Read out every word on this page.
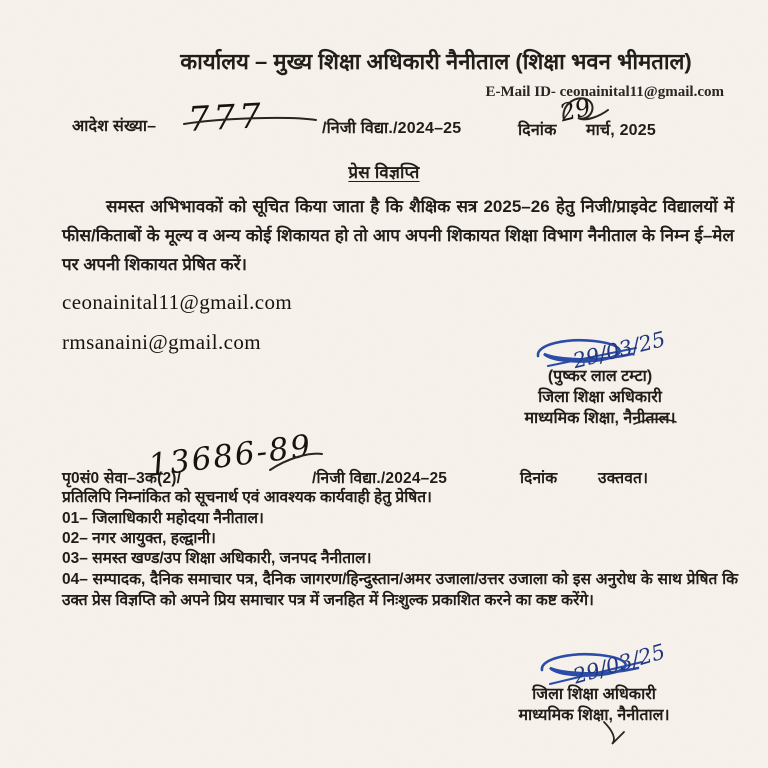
कार्यालय – मुख्य शिक्षा अधिकारी नैनीताल (शिक्षा भवन भीमताल)
E-Mail ID- ceonainital11@gmail.com
आदेश संख्या– 777	/निजी विद्या./2024–25	दिनांक
29
मार्च, 2025
प्रेस विज्ञप्ति
समस्त अभिभावकों को सूचित किया जाता है कि शैक्षिक सत्र 2025–26 हेतु निजी/प्राइवेट विद्यालयों में फीस/किताबों के मूल्य व अन्य कोई शिकायत हो तो आप अपनी शिकायत शिक्षा विभाग नैनीताल के निम्न ई–मेल पर अपनी शिकायत प्रेषित करें।
ceonainital11@gmail.com
rmsanaini@gmail.com	29/03/25
(पुष्कर लाल टम्टा)
जिला शिक्षा अधिकारी
माध्यमिक शिक्षा, नैनीताल।
पृ0सं0 सेवा–3क(2)/
13686-89
/निजी विद्या./2024–25	दिनांक	उक्तवत।
प्रतिलिपि निम्नांकित को सूचनार्थ एवं आवश्यक कार्यवाही हेतु प्रेषित।
01– जिलाधिकारी महोदया नैनीताल।
02– नगर आयुक्त, हल्द्वानी।
03– समस्त खण्ड/उप शिक्षा अधिकारी, जनपद नैनीताल।
04– सम्पादक, दैनिक समाचार पत्र, दैनिक जागरण/हिन्दुस्तान/अमर उजाला/उत्तर उजाला को इस अनुरोध के साथ प्रेषित कि उक्त प्रेस विज्ञप्ति को अपने प्रिय समाचार पत्र में जनहित में निःशुल्क प्रकाशित करने का कष्ट करेंगे।
29/03/25
जिला शिक्षा अधिकारी
माध्यमिक शिक्षा, नैनीताल।
